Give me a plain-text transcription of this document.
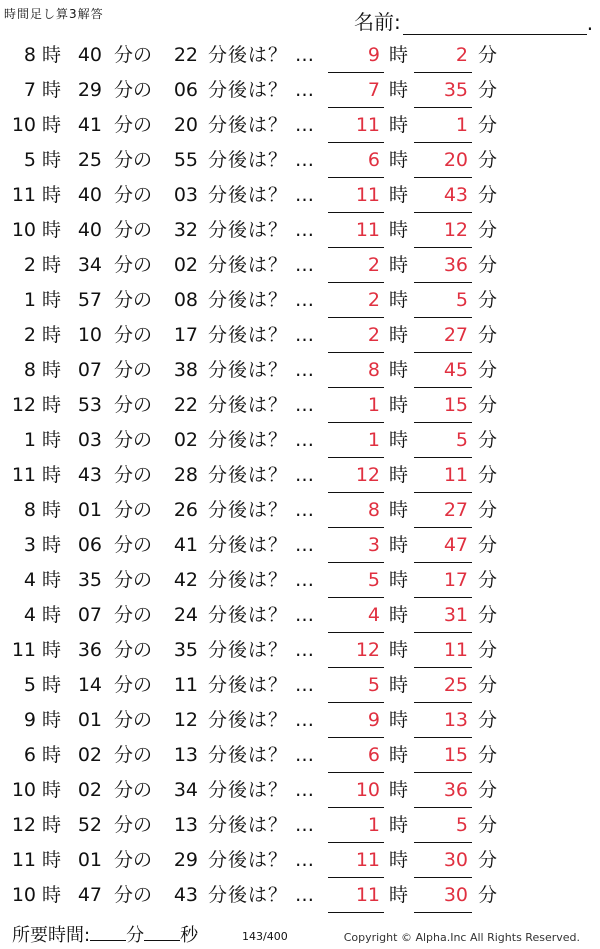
時間足し算3解答	名前:	.
8 時 40 分の	22 分後は？ …	9 時	2 分
7 時 29 分の	06 分後は？ …	7 時	35 分
10 時 41 分の	20 分後は？ …	11 時	1 分
5 時 25 分の	55 分後は？ …	6 時	20 分
11 時 40 分の	03 分後は？ …	11 時	43 分
10 時 40 分の	32 分後は？ …	11 時	12 分
2 時 34 分の	02 分後は？ …	2 時	36 分
1 時 57 分の	08 分後は？ …	2 時	5 分
2 時 10 分の	17 分後は？ …	2 時	27 分
8 時 07 分の	38 分後は？ …	8 時	45 分
12 時 53 分の	22 分後は？ …	1 時	15 分
1 時 03 分の	02 分後は？ …	1 時	5 分
11 時 43 分の	28 分後は？ …	12 時	11 分
8 時 01 分の	26 分後は？ …	8 時	27 分
3 時 06 分の	41 分後は？ …	3 時	47 分
4 時 35 分の	42 分後は？ …	5 時	17 分
4 時 07 分の	24 分後は？ …	4 時	31 分
11 時 36 分の	35 分後は？ …	12 時	11 分
5 時 14 分の	11 分後は？ …	5 時	25 分
9 時 01 分の	12 分後は？ …	9 時	13 分
6 時 02 分の	13 分後は？ …	6 時	15 分
10 時 02 分の	34 分後は？ …	10 時	36 分
12 時 52 分の	13 分後は？ …	1 時	5 分
11 時 01 分の	29 分後は？ …	11 時	30 分
10 時 47 分の	43 分後は？ …	11 時	30 分
所要時間: 分 秒	143/400	Copyright © Alpha.Inc All Rights Reserved.
